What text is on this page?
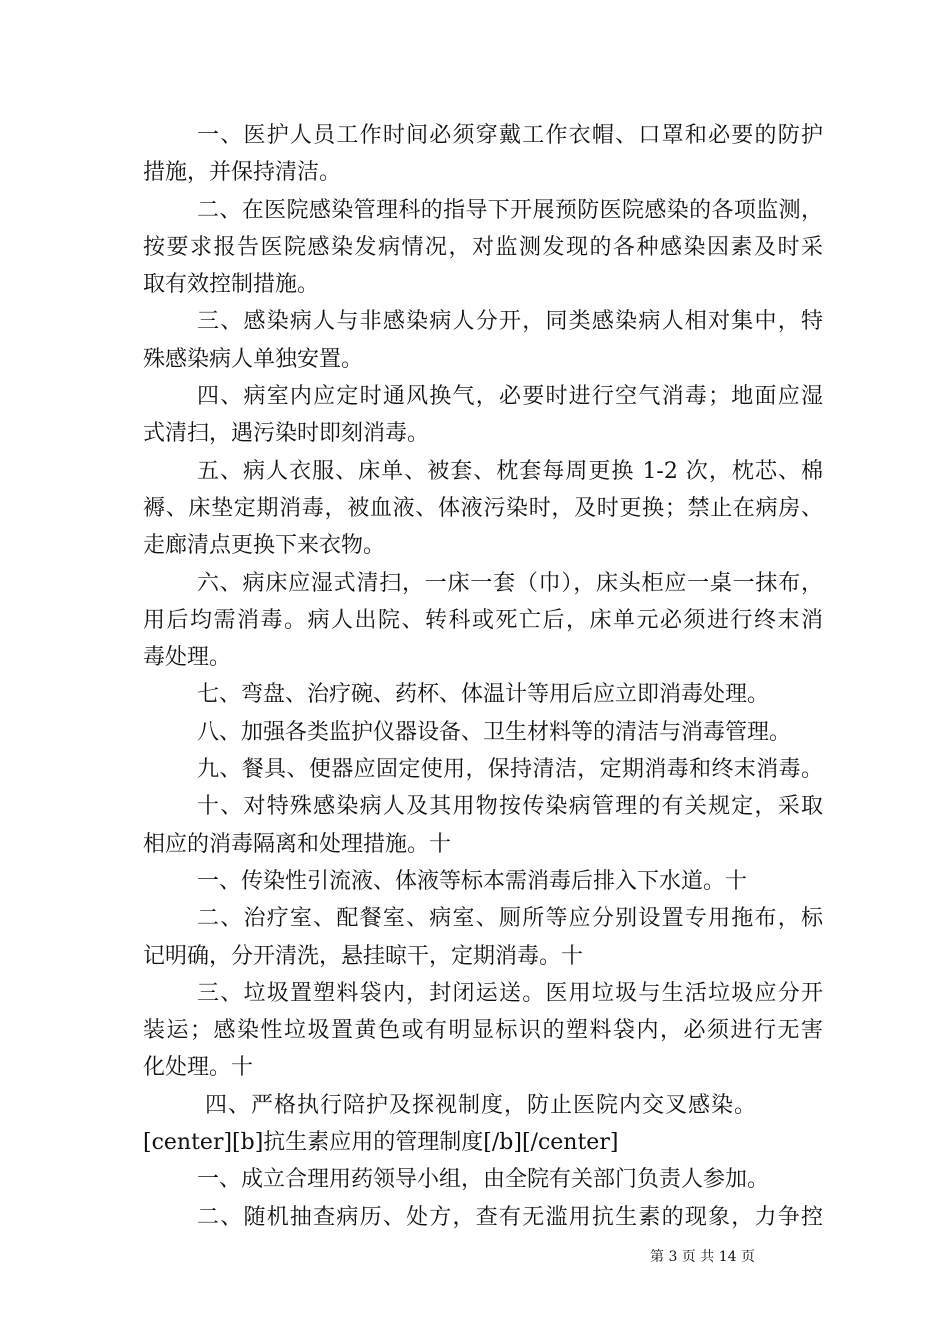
一、医护人员工作时间必须穿戴工作衣帽、口罩和必要的防护
措施，并保持清洁。
二、在医院感染管理科的指导下开展预防医院感染的各项监测，
按要求报告医院感染发病情况，对监测发现的各种感染因素及时采
取有效控制措施。
三、感染病人与非感染病人分开，同类感染病人相对集中，特
殊感染病人单独安置。
四、病室内应定时通风换气，必要时进行空气消毒；地面应湿
式清扫，遇污染时即刻消毒。
五、病人衣服、床单、被套、枕套每周更换 1-2 次，枕芯、棉
褥、床垫定期消毒，被血液、体液污染时，及时更换；禁止在病房、
走廊清点更换下来衣物。
六、病床应湿式清扫，一床一套（巾），床头柜应一桌一抹布，
用后均需消毒。病人出院、转科或死亡后，床单元必须进行终末消
毒处理。
七、弯盘、治疗碗、药杯、体温计等用后应立即消毒处理。
八、加强各类监护仪器设备、卫生材料等的清洁与消毒管理。
九、餐具、便器应固定使用，保持清洁，定期消毒和终末消毒。
十、对特殊感染病人及其用物按传染病管理的有关规定，采取
相应的消毒隔离和处理措施。十
一、传染性引流液、体液等标本需消毒后排入下水道。十
二、治疗室、配餐室、病室、厕所等应分别设置专用拖布，标
记明确，分开清洗，悬挂晾干，定期消毒。十
三、垃圾置塑料袋内，封闭运送。医用垃圾与生活垃圾应分开
装运；感染性垃圾置黄色或有明显标识的塑料袋内，必须进行无害
化处理。十
四、严格执行陪护及探视制度，防止医院内交叉感染。
[center][b]抗生素应用的管理制度[/b][/center]
一、成立合理用药领导小组，由全院有关部门负责人参加。
二、随机抽查病历、处方，查有无滥用抗生素的现象，力争控
第 3 页 共 14 页
